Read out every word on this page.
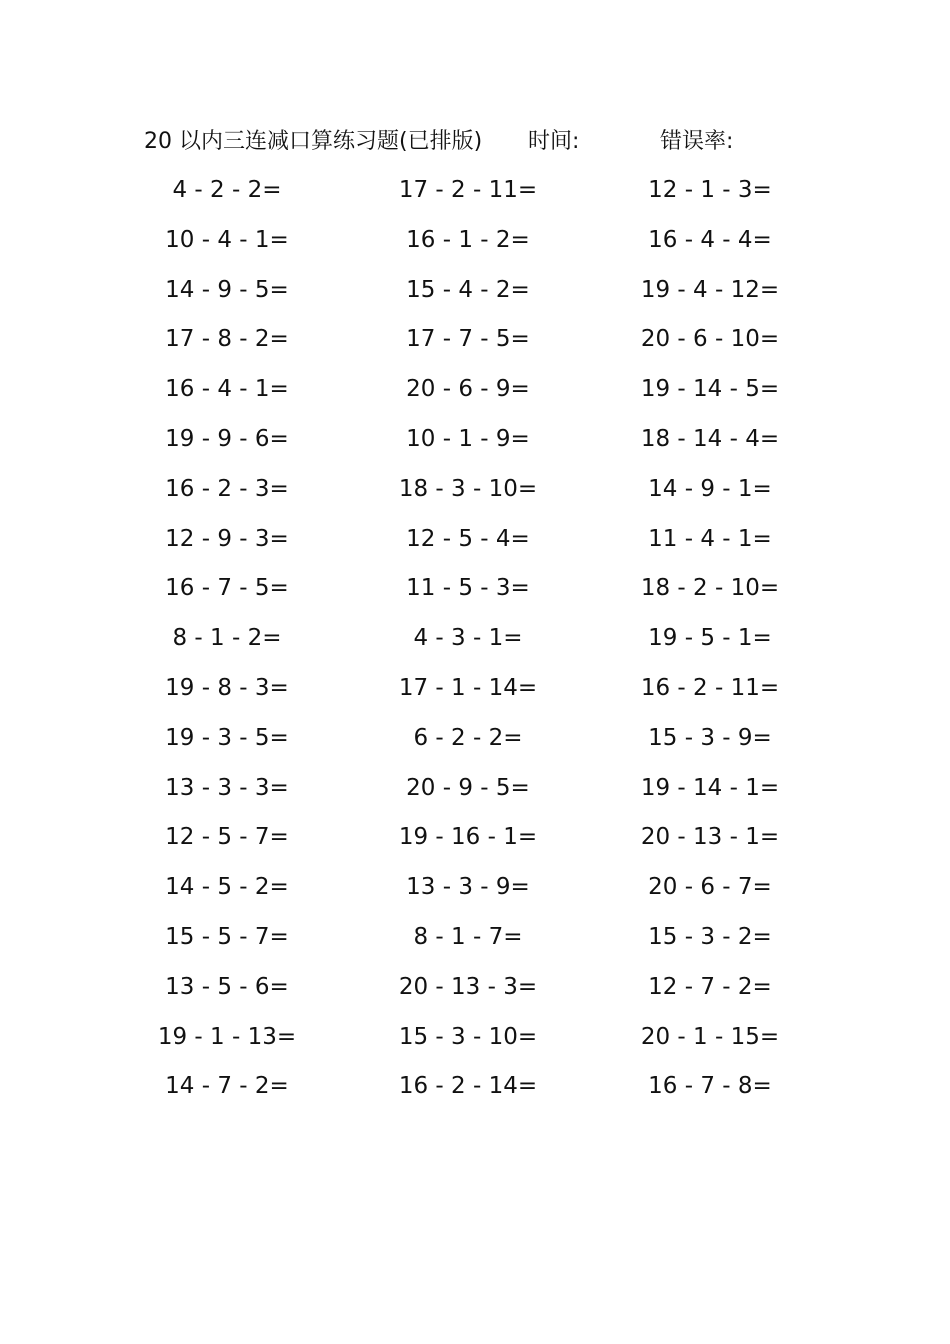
20 以内三连减口算练习题(已排版) 时间:	错误率:
4 - 2 - 2=	17 - 2 - 11=	12 - 1 - 3=
10 - 4 - 1=	16 - 1 - 2=	16 - 4 - 4=
14 - 9 - 5=	15 - 4 - 2=	19 - 4 - 12=
17 - 8 - 2=	17 - 7 - 5=	20 - 6 - 10=
16 - 4 - 1=	20 - 6 - 9=	19 - 14 - 5=
19 - 9 - 6=	10 - 1 - 9=	18 - 14 - 4=
16 - 2 - 3=	18 - 3 - 10=	14 - 9 - 1=
12 - 9 - 3=	12 - 5 - 4=	11 - 4 - 1=
16 - 7 - 5=	11 - 5 - 3=	18 - 2 - 10=
8 - 1 - 2=	4 - 3 - 1=	19 - 5 - 1=
19 - 8 - 3=	17 - 1 - 14=	16 - 2 - 11=
19 - 3 - 5=	6 - 2 - 2=	15 - 3 - 9=
13 - 3 - 3=	20 - 9 - 5=	19 - 14 - 1=
12 - 5 - 7=	19 - 16 - 1=	20 - 13 - 1=
14 - 5 - 2=	13 - 3 - 9=	20 - 6 - 7=
15 - 5 - 7=	8 - 1 - 7=	15 - 3 - 2=
13 - 5 - 6=	20 - 13 - 3=	12 - 7 - 2=
19 - 1 - 13=	15 - 3 - 10=	20 - 1 - 15=
14 - 7 - 2=	16 - 2 - 14=	16 - 7 - 8=
